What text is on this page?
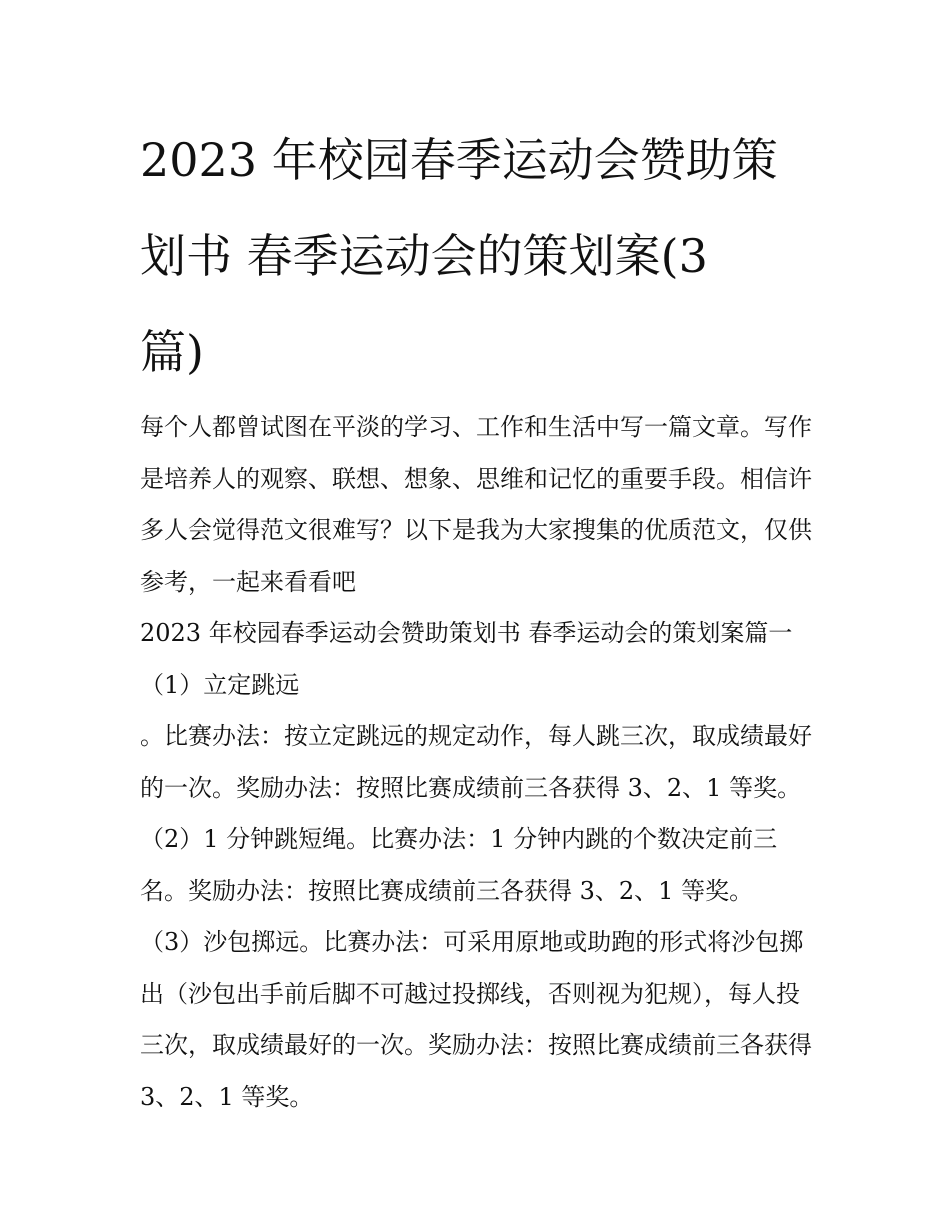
2023 年校园春季运动会赞助策
划书 春季运动会的策划案(3
篇)
每个人都曾试图在平淡的学习、工作和生活中写一篇文章。写作是培养人的观察、联想、想象、思维和记忆的重要手段。相信许多人会觉得范文很难写？以下是我为大家搜集的优质范文，仅供参考，一起来看看吧
2023 年校园春季运动会赞助策划书 春季运动会的策划案篇一
（1）立定跳远
。比赛办法：按立定跳远的规定动作，每人跳三次，取成绩最好的一次。奖励办法：按照比赛成绩前三各获得 3、2、1 等奖。
（2）1 分钟跳短绳。比赛办法：1 分钟内跳的个数决定前三名。奖励办法：按照比赛成绩前三各获得 3、2、1 等奖。
（3）沙包掷远。比赛办法：可采用原地或助跑的形式将沙包掷出（沙包出手前后脚不可越过投掷线，否则视为犯规），每人投三次，取成绩最好的一次。奖励办法：按照比赛成绩前三各获得 3、2、1 等奖。
